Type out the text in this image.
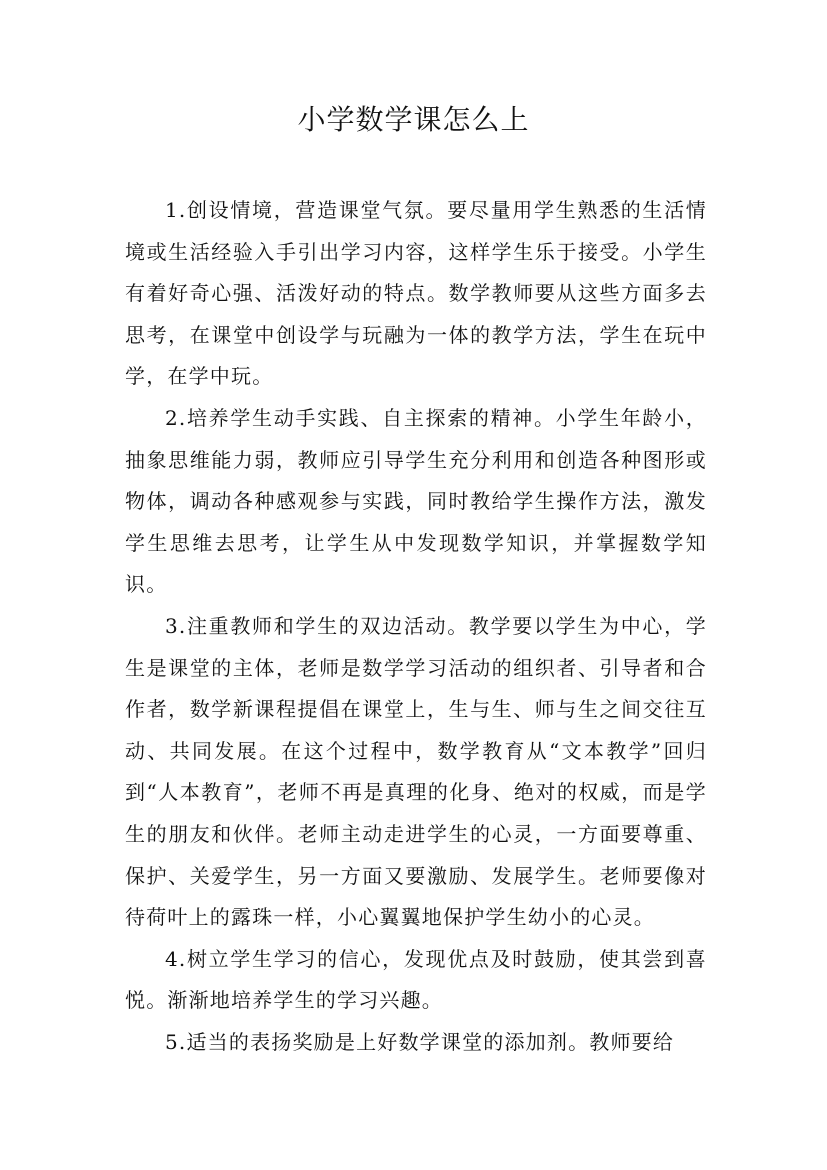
小学数学课怎么上

1.创设情境，营造课堂气氛。要尽量用学生熟悉的生活情境或生活经验入手引出学习内容，这样学生乐于接受。小学生有着好奇心强、活泼好动的特点。数学教师要从这些方面多去思考，在课堂中创设学与玩融为一体的教学方法，学生在玩中学，在学中玩。

2.培养学生动手实践、自主探索的精神。小学生年龄小，抽象思维能力弱，教师应引导学生充分利用和创造各种图形或物体，调动各种感观参与实践，同时教给学生操作方法，激发学生思维去思考，让学生从中发现数学知识，并掌握数学知识。

3.注重教师和学生的双边活动。教学要以学生为中心，学生是课堂的主体，老师是数学学习活动的组织者、引导者和合作者，数学新课程提倡在课堂上，生与生、师与生之间交往互动、共同发展。在这个过程中，数学教育从“文本教学”回归到“人本教育”，老师不再是真理的化身、绝对的权威，而是学生的朋友和伙伴。老师主动走进学生的心灵，一方面要尊重、保护、关爱学生，另一方面又要激励、发展学生。老师要像对待荷叶上的露珠一样，小心翼翼地保护学生幼小的心灵。

4.树立学生学习的信心，发现优点及时鼓励，使其尝到喜悦。渐渐地培养学生的学习兴趣。

5.适当的表扬奖励是上好数学课堂的添加剂。教师要给
